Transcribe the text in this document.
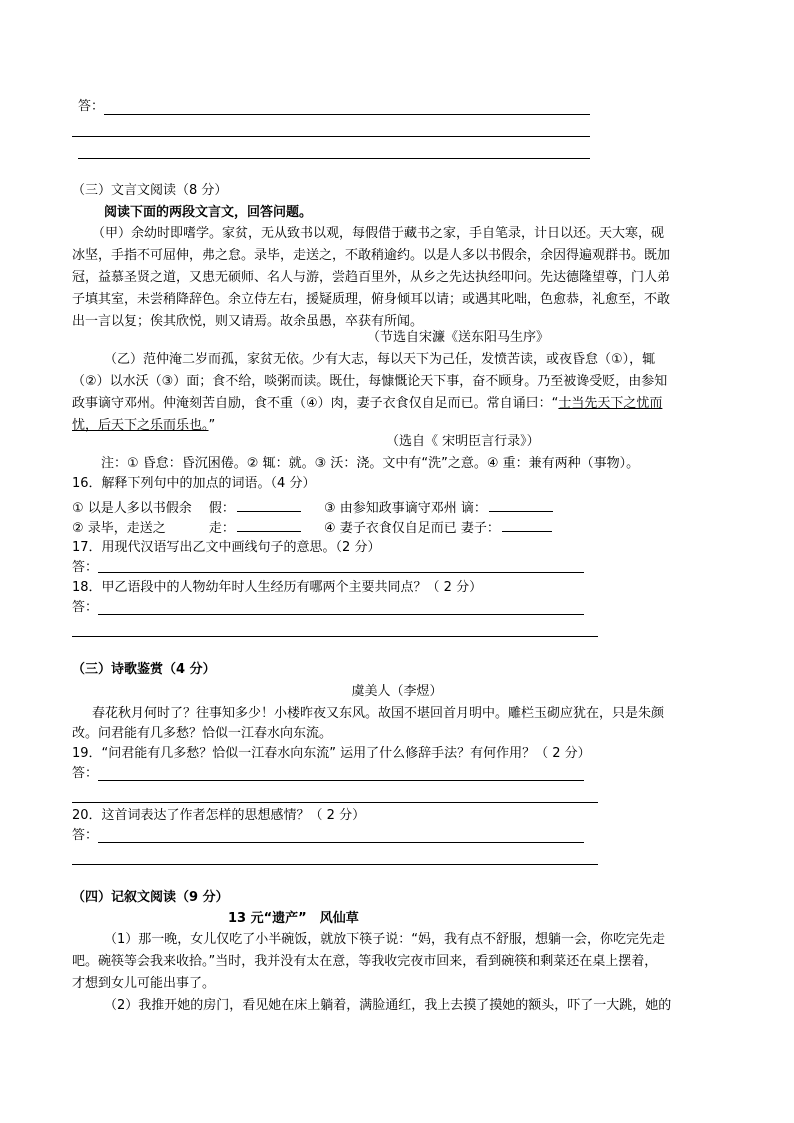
答：
（三）文言文阅读（8 分）
阅读下面的两段文言文，回答问题。
（甲）余幼时即嗜学。家贫，无从致书以观，每假借于藏书之家，手自笔录，计日以还。天大寒，砚
冰坚，手指不可屈伸，弗之怠。录毕，走送之，不敢稍逾约。以是人多以书假余，余因得遍观群书。既加
冠，益慕圣贤之道，又患无硕师、名人与游，尝趋百里外，从乡之先达执经叩问。先达德隆望尊，门人弟
子填其室，未尝稍降辞色。余立侍左右，援疑质理，俯身倾耳以请；或遇其叱咄，色愈恭，礼愈至，不敢
出一言以复；俟其欣悦，则又请焉。故余虽愚，卒获有所闻。
（节选自宋濂《送东阳马生序》
（乙）范仲淹二岁而孤，家贫无依。少有大志，每以天下为己任，发愤苦读，或夜昏怠（①），辄
（②）以水沃（③）面；食不给，啖粥而读。既仕，每慷慨论天下事，奋不顾身。乃至被谗受贬，由参知
政事谪守邓州。仲淹刻苦自励，食不重（④）肉，妻子衣食仅自足而已。常自诵曰：“士当先天下之忧而
忧，后天下之乐而乐也。”
（选自《 宋明臣言行录》）
注：① 昏怠：昏沉困倦。② 辄：就。③ 沃：浇。文中有“洗”之意。④ 重：兼有两种（事物）。
16．解释下列句中的加点的词语。（4 分）
① 以是人多以书假余　 假：	③ 由参知政事谪守邓州 谪：
② 录毕，走送之　　　 走：	④ 妻子衣食仅自足而已 妻子：
17．用现代汉语写出乙文中画线句子的意思。（2 分）
答：
18．甲乙语段中的人物幼年时人生经历有哪两个主要共同点？（ 2 分）
答：
（三）诗歌鉴赏（4 分）
虞美人（李煜）
春花秋月何时了？往事知多少！小楼昨夜又东风。故国不堪回首月明中。雕栏玉砌应犹在，只是朱颜
改。问君能有几多愁？恰似一江春水向东流。
19．“问君能有几多愁？恰似一江春水向东流” 运用了什么修辞手法？有何作用？（ 2 分）
答：
20．这首词表达了作者怎样的思想感情？（ 2 分）
答：
（四）记叙文阅读（9 分）
13 元“遗产”　风仙草
（1）那一晚，女儿仅吃了小半碗饭，就放下筷子说：“妈，我有点不舒服，想躺一会，你吃完先走
吧。碗筷等会我来收拾。”当时，我并没有太在意，等我收完夜市回来，看到碗筷和剩菜还在桌上摆着，
才想到女儿可能出事了。
（2）我推开她的房门，看见她在床上躺着，满脸通红，我上去摸了摸她的额头，吓了一大跳，她的
